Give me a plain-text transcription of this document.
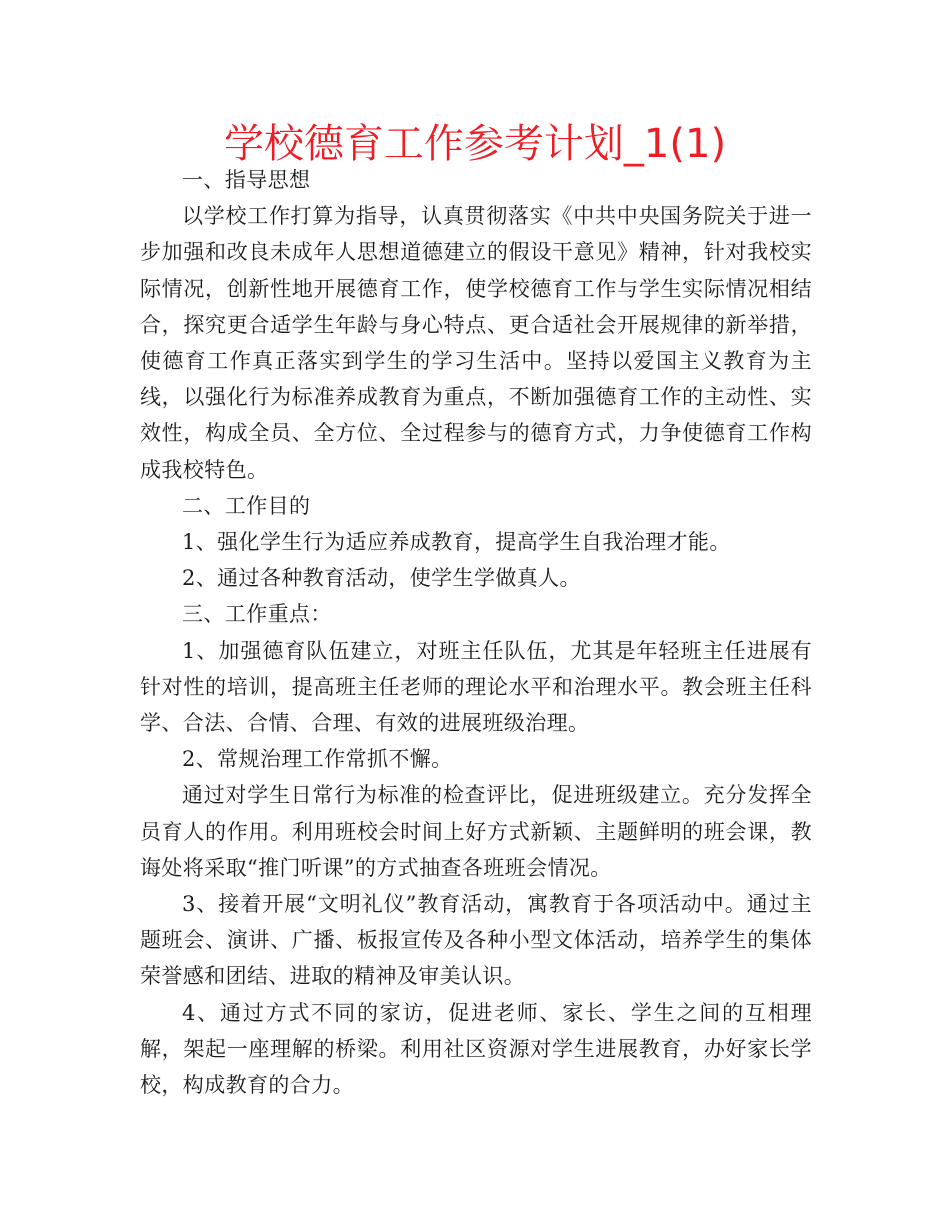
学校德育工作参考计划_1(1)

一、指导思想

以学校工作打算为指导，认真贯彻落实《中共中央国务院关于进一步加强和改良未成年人思想道德建立的假设干意见》精神，针对我校实际情况，创新性地开展德育工作，使学校德育工作与学生实际情况相结合，探究更合适学生年龄与身心特点、更合适社会开展规律的新举措，使德育工作真正落实到学生的学习生活中。坚持以爱国主义教育为主线，以强化行为标准养成教育为重点，不断加强德育工作的主动性、实效性，构成全员、全方位、全过程参与的德育方式，力争使德育工作构成我校特色。

二、工作目的

1、强化学生行为适应养成教育，提高学生自我治理才能。

2、通过各种教育活动，使学生学做真人。

三、工作重点：

1、加强德育队伍建立，对班主任队伍，尤其是年轻班主任进展有针对性的培训，提高班主任老师的理论水平和治理水平。教会班主任科学、合法、合情、合理、有效的进展班级治理。

2、常规治理工作常抓不懈。

通过对学生日常行为标准的检查评比，促进班级建立。充分发挥全员育人的作用。利用班校会时间上好方式新颖、主题鲜明的班会课，教诲处将采取“推门听课”的方式抽查各班班会情况。

3、接着开展“文明礼仪”教育活动，寓教育于各项活动中。通过主题班会、演讲、广播、板报宣传及各种小型文体活动，培养学生的集体荣誉感和团结、进取的精神及审美认识。

4、通过方式不同的家访，促进老师、家长、学生之间的互相理解，架起一座理解的桥梁。利用社区资源对学生进展教育，办好家长学校，构成教育的合力。
